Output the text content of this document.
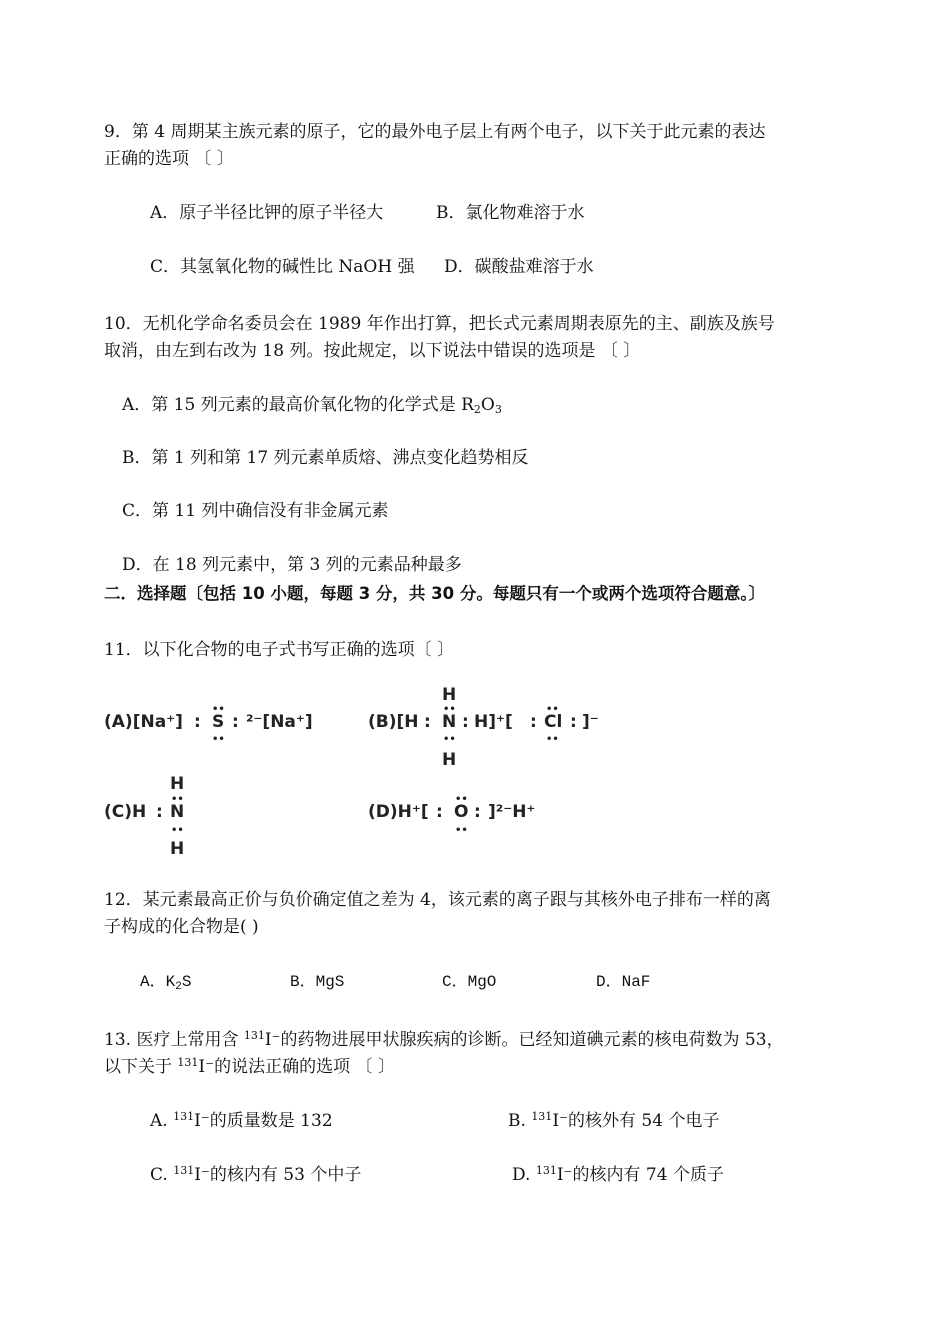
9．第 4 周期某主族元素的原子，它的最外电子层上有两个电子，以下关于此元素的表达
正确的选项 〔 〕
A．原子半径比钾的原子半径大	B．氯化物难溶于水
C．其氢氧化物的碱性比 NaOH 强 D．碳酸盐难溶于水
10．无机化学命名委员会在 1989 年作出打算，把长式元素周期表原先的主、副族及族号
取消，由左到右改为 18 列。按此规定，以下说法中错误的选项是 〔 〕
A．第 15 列元素的最高价氧化物的化学式是 $R_2O_3$
B．第 1 列和第 17 列元素单质熔、沸点变化趋势相反
C．第 11 列中确信没有非金属元素
D．在 18 列元素中，第 3 列的元素品种最多
二．选择题〔包括 10 小题，每题 3 分，共 30 分。每题只有一个或两个选项符合题意。〕
11．以下化合物的电子式书写正确的选项〔 〕
(A)[Na⁺] : S
••
••
: ²⁻[Na⁺]
H
(B)[H : N
••
••
: H]⁺[ : Cl
••
••
: ]⁻
H
H
(C)H : N
••
••
H
(D)H⁺[ : O
••
••
: ]²⁻H⁺
12．某元素最高正价与负价确定值之差为 4，该元素的离子跟与其核外电子排布一样的离
子构成的化合物是( )
A．$K_2S$	B．MgS	C．MgO	D．NaF
13. 医疗上常用含 $^{131}$I⁻的药物进展甲状腺疾病的诊断。已经知道碘元素的核电荷数为 53，
以下关于 $^{131}$I⁻的说法正确的选项 〔 〕
A. $^{131}$I⁻的质量数是 132	B. $^{131}$I⁻的核外有 54 个电子
C. $^{131}$I⁻的核内有 53 个中子	D. $^{131}$I⁻的核内有 74 个质子
